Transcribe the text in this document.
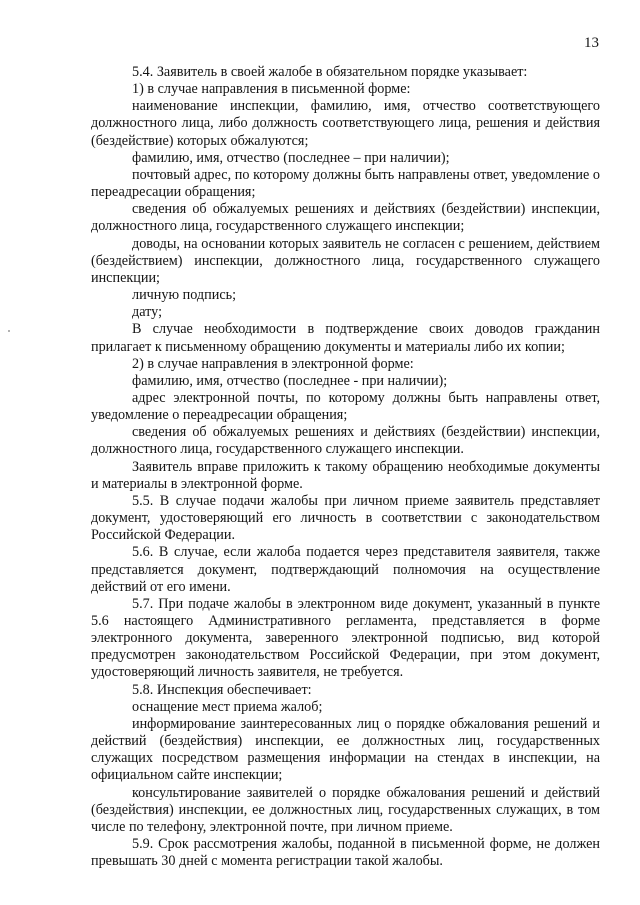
13

5.4. Заявитель в своей жалобе в обязательном порядке указывает:

1) в случае направления в письменной форме:

наименование инспекции, фамилию, имя, отчество соответствующего должностного лица, либо должность соответствующего лица, решения и действия (бездействие) которых обжалуются;

фамилию, имя, отчество (последнее – при наличии);

почтовый адрес, по которому должны быть направлены ответ, уведомление о переадресации обращения;

сведения об обжалуемых решениях и действиях (бездействии) инспекции, должностного лица, государственного служащего инспекции;

доводы, на основании которых заявитель не согласен с решением, действием (бездействием) инспекции, должностного лица, государственного служащего инспекции;

личную подпись;

дату;

В случае необходимости в подтверждение своих доводов гражданин прилагает к письменному обращению документы и материалы либо их копии;

2) в случае направления в электронной форме:

фамилию, имя, отчество (последнее - при наличии);

адрес электронной почты, по которому должны быть направлены ответ, уведомление о переадресации обращения;

сведения об обжалуемых решениях и действиях (бездействии) инспекции, должностного лица, государственного служащего инспекции.

Заявитель вправе приложить к такому обращению необходимые документы и материалы в электронной форме.

5.5. В случае подачи жалобы при личном приеме заявитель представляет документ, удостоверяющий его личность в соответствии с законодательством Российской Федерации.

5.6. В случае, если жалоба подается через представителя заявителя, также представляется документ, подтверждающий полномочия на осуществление действий от его имени.

5.7. При подаче жалобы в электронном виде документ, указанный в пункте 5.6 настоящего Административного регламента, представляется в форме электронного документа, заверенного электронной подписью, вид которой предусмотрен законодательством Российской Федерации, при этом документ, удостоверяющий личность заявителя, не требуется.

5.8. Инспекция обеспечивает:

оснащение мест приема жалоб;

информирование заинтересованных лиц о порядке обжалования решений и действий (бездействия) инспекции, ее должностных лиц, государственных служащих посредством размещения информации на стендах в инспекции, на официальном сайте инспекции;

консультирование заявителей о порядке обжалования решений и действий (бездействия) инспекции, ее должностных лиц, государственных служащих, в том числе по телефону, электронной почте, при личном приеме.

5.9. Срок рассмотрения жалобы, поданной в письменной форме, не должен превышать 30 дней с момента регистрации такой жалобы.
